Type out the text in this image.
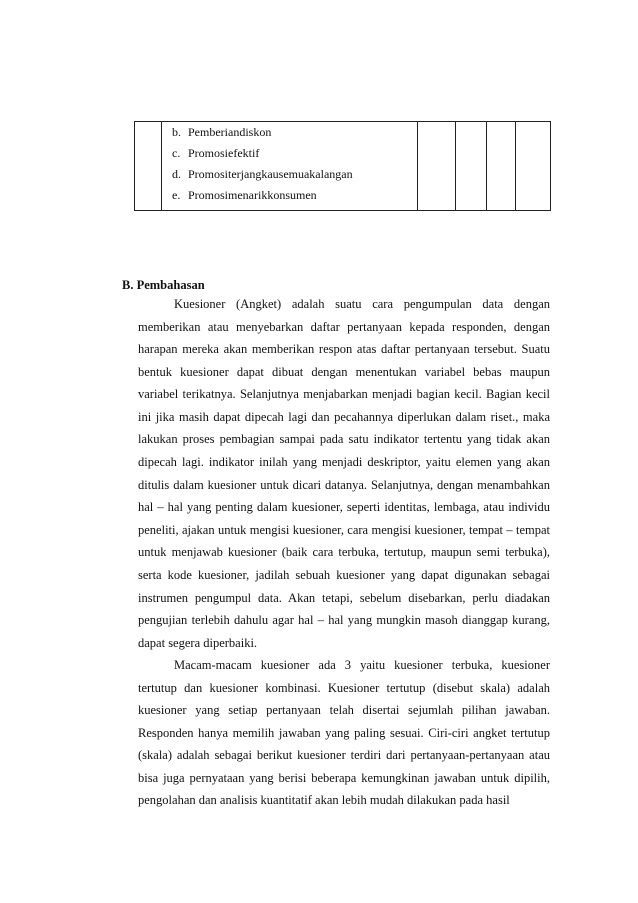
b. Pemberiandiskon
c. Promosiefektif
d. Promositerjangkausemuakalangan
e. Promosimenarikkonsumen
B. Pembahasan

Kuesioner (Angket) adalah suatu cara pengumpulan data dengan memberikan atau menyebarkan daftar pertanyaan kepada responden, dengan harapan mereka akan memberikan respon atas daftar pertanyaan tersebut. Suatu bentuk kuesioner dapat dibuat dengan menentukan variabel bebas maupun variabel terikatnya. Selanjutnya menjabarkan menjadi bagian kecil. Bagian kecil ini jika masih dapat dipecah lagi dan pecahannya diperlukan dalam riset., maka lakukan proses pembagian sampai pada satu indikator tertentu yang tidak akan dipecah lagi. indikator inilah yang menjadi deskriptor, yaitu elemen yang akan ditulis dalam kuesioner untuk dicari datanya. Selanjutnya, dengan menambahkan hal – hal yang penting dalam kuesioner, seperti identitas, lembaga, atau individu peneliti, ajakan untuk mengisi kuesioner, cara mengisi kuesioner, tempat – tempat untuk menjawab kuesioner (baik cara terbuka, tertutup, maupun semi terbuka), serta kode kuesioner, jadilah sebuah kuesioner yang dapat digunakan sebagai instrumen pengumpul data. Akan tetapi, sebelum disebarkan, perlu diadakan pengujian terlebih dahulu agar hal – hal yang mungkin masoh dianggap kurang, dapat segera diperbaiki.

Macam-macam kuesioner ada 3 yaitu kuesioner terbuka, kuesioner tertutup dan kuesioner kombinasi. Kuesioner tertutup (disebut skala) adalah kuesioner yang setiap pertanyaan telah disertai sejumlah pilihan jawaban. Responden hanya memilih jawaban yang paling sesuai. Ciri-ciri angket tertutup (skala) adalah sebagai berikut kuesioner terdiri dari pertanyaan-pertanyaan atau bisa juga pernyataan yang berisi beberapa kemungkinan jawaban untuk dipilih, pengolahan dan analisis kuantitatif akan lebih mudah dilakukan pada hasil
